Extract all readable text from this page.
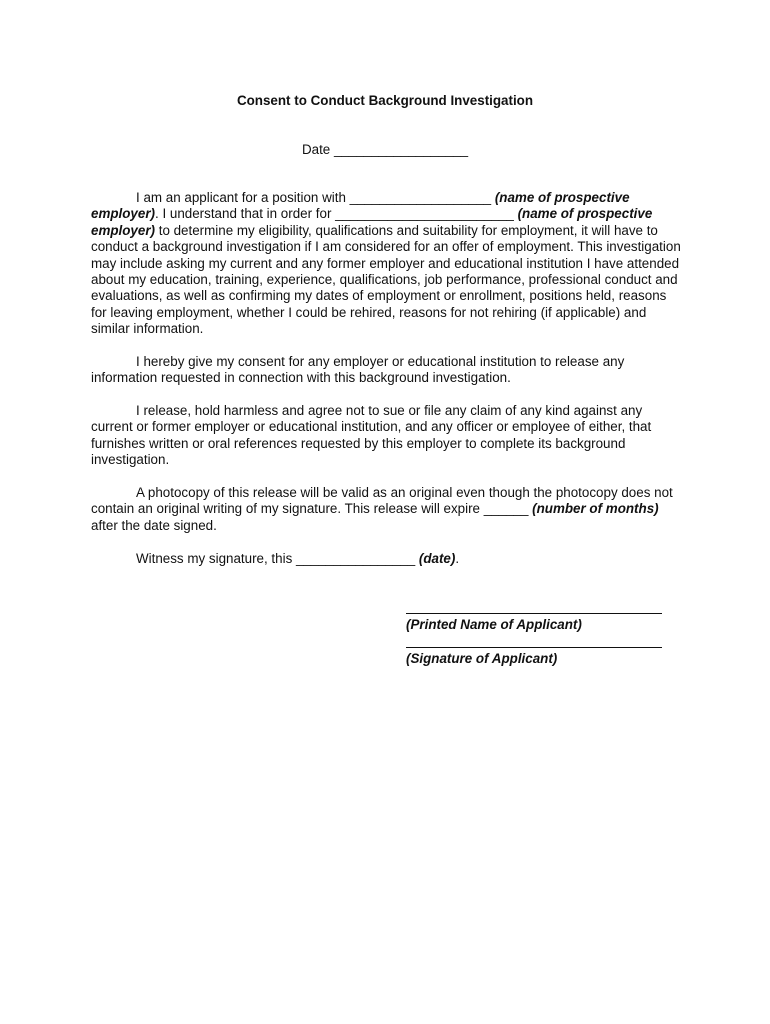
Consent to Conduct Background Investigation

Date __________________

I am an applicant for a position with ___________________ (name of prospective employer). I understand that in order for ________________________ (name of prospective employer) to determine my eligibility, qualifications and suitability for employment, it will have to conduct a background investigation if I am considered for an offer of employment. This investigation may include asking my current and any former employer and educational institution I have attended about my education, training, experience, qualifications, job performance, professional conduct and evaluations, as well as confirming my dates of employment or enrollment, positions held, reasons for leaving employment, whether I could be rehired, reasons for not rehiring (if applicable) and similar information.

I hereby give my consent for any employer or educational institution to release any information requested in connection with this background investigation.

I release, hold harmless and agree not to sue or file any claim of any kind against any current or former employer or educational institution, and any officer or employee of either, that furnishes written or oral references requested by this employer to complete its background investigation.

A photocopy of this release will be valid as an original even though the photocopy does not contain an original writing of my signature. This release will expire ______ (number of months) after the date signed.

Witness my signature, this ________________ (date).

(Printed Name of Applicant)
(Signature of Applicant)
